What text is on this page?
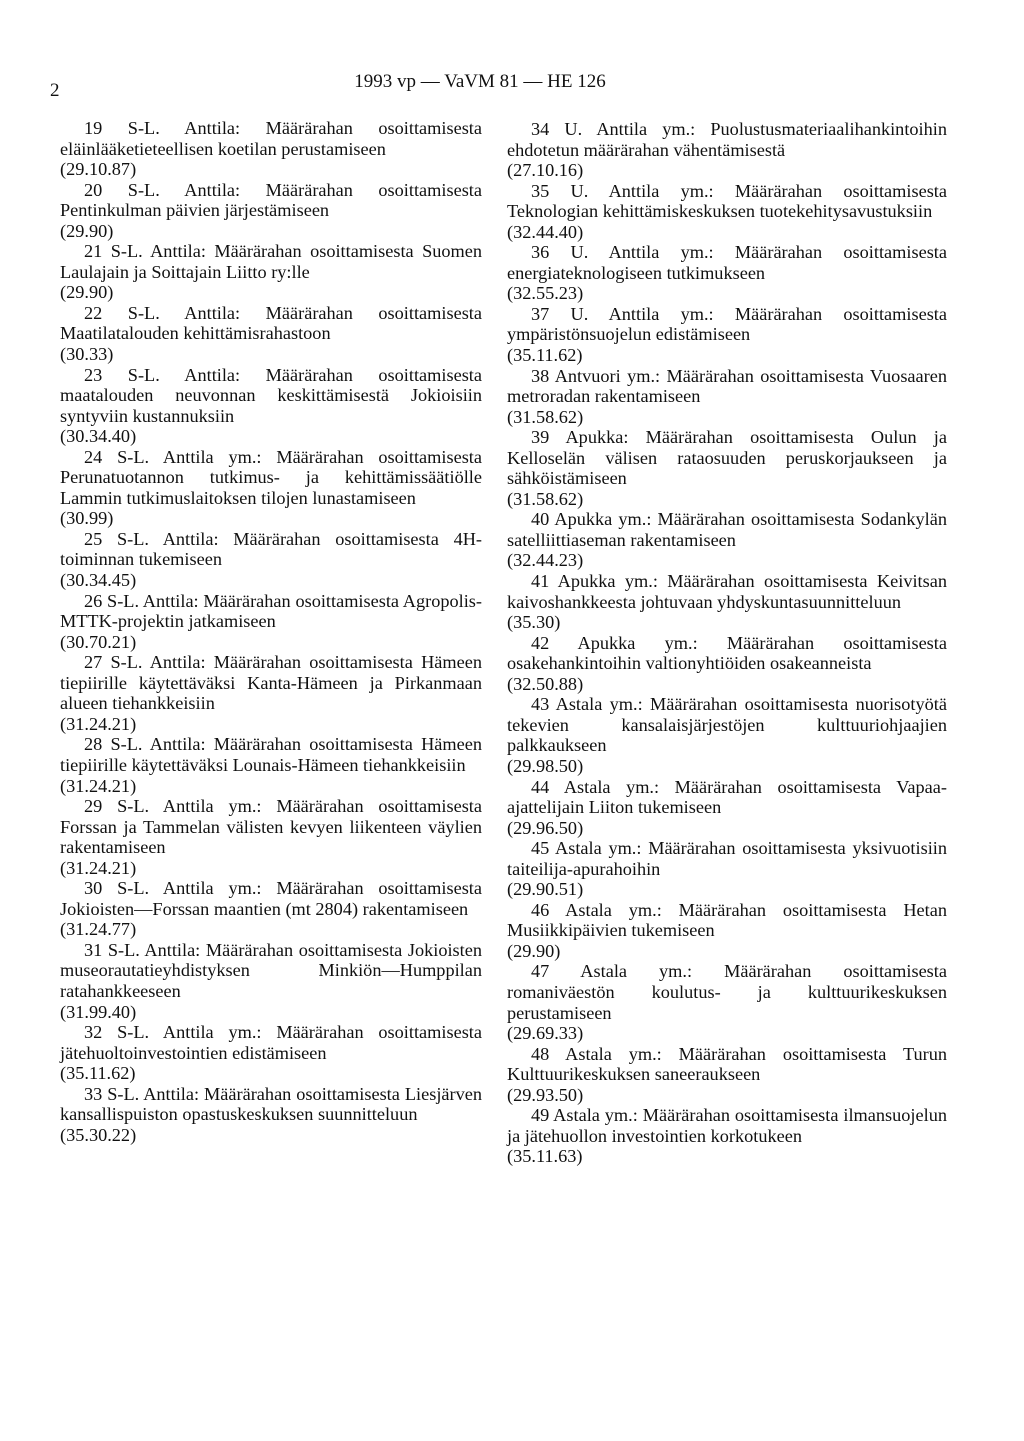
2	1993 vp — VaVM 81 — HE 126
19 S-L. Anttila: Määrärahan osoittamisesta eläinlääketieteellisen koetilan perustamiseen
(29.10.87)
20 S-L. Anttila: Määrärahan osoittamisesta Pentinkulman päivien järjestämiseen
(29.90)
21 S-L. Anttila: Määrärahan osoittamisesta Suomen Laulajain ja Soittajain Liitto ry:lle
(29.90)
22 S-L. Anttila: Määrärahan osoittamisesta Maatilatalouden kehittämisrahastoon
(30.33)
23 S-L. Anttila: Määrärahan osoittamisesta maatalouden neuvonnan keskittämisestä Jokioisiin syntyviin kustannuksiin
(30.34.40)
24 S-L. Anttila ym.: Määrärahan osoittamisesta Perunatuotannon tutkimus- ja kehittämissäätiölle Lammin tutkimuslaitoksen tilojen lunastamiseen
(30.99)
25 S-L. Anttila: Määrärahan osoittamisesta 4H-toiminnan tukemiseen
(30.34.45)
26 S-L. Anttila: Määrärahan osoittamisesta Agropolis-MTTK-projektin jatkamiseen
(30.70.21)
27 S-L. Anttila: Määrärahan osoittamisesta Hämeen tiepiirille käytettäväksi Kanta-Hämeen ja Pirkanmaan alueen tiehankkeisiin
(31.24.21)
28 S-L. Anttila: Määrärahan osoittamisesta Hämeen tiepiirille käytettäväksi Lounais-Hämeen tiehankkeisiin
(31.24.21)
29 S-L. Anttila ym.: Määrärahan osoittamisesta Forssan ja Tammelan välisten kevyen liikenteen väylien rakentamiseen
(31.24.21)
30 S-L. Anttila ym.: Määrärahan osoittamisesta Jokioisten—Forssan maantien (mt 2804) rakentamiseen
(31.24.77)
31 S-L. Anttila: Määrärahan osoittamisesta Jokioisten museorautatieyhdistyksen Minkiön—Humppilan ratahankkeeseen
(31.99.40)
32 S-L. Anttila ym.: Määrärahan osoittamisesta jätehuoltoinvestointien edistämiseen
(35.11.62)
33 S-L. Anttila: Määrärahan osoittamisesta Liesjärven kansallispuiston opastuskeskuksen suunnitteluun
(35.30.22)
34 U. Anttila ym.: Puolustusmateriaalihankintoihin ehdotetun määrärahan vähentämisestä
(27.10.16)
35 U. Anttila ym.: Määrärahan osoittamisesta Teknologian kehittämiskeskuksen tuotekehitysavustuksiin
(32.44.40)
36 U. Anttila ym.: Määrärahan osoittamisesta energiateknologiseen tutkimukseen
(32.55.23)
37 U. Anttila ym.: Määrärahan osoittamisesta ympäristönsuojelun edistämiseen
(35.11.62)
38 Antvuori ym.: Määrärahan osoittamisesta Vuosaaren metroradan rakentamiseen
(31.58.62)
39 Apukka: Määrärahan osoittamisesta Oulun ja Kelloselän välisen rataosuuden peruskorjaukseen ja sähköistämiseen
(31.58.62)
40 Apukka ym.: Määrärahan osoittamisesta Sodankylän satelliittiaseman rakentamiseen
(32.44.23)
41 Apukka ym.: Määrärahan osoittamisesta Keivitsan kaivoshankkeesta johtuvaan yhdyskuntasuunnitteluun
(35.30)
42 Apukka ym.: Määrärahan osoittamisesta osakehankintoihin valtionyhtiöiden osakeanneista
(32.50.88)
43 Astala ym.: Määrärahan osoittamisesta nuorisotyötä tekevien kansalaisjärjestöjen kulttuuriohjaajien palkkaukseen
(29.98.50)
44 Astala ym.: Määrärahan osoittamisesta Vapaa-ajattelijain Liiton tukemiseen
(29.96.50)
45 Astala ym.: Määrärahan osoittamisesta yksivuotisiin taiteilija-apurahoihin
(29.90.51)
46 Astala ym.: Määrärahan osoittamisesta Hetan Musiikkipäivien tukemiseen
(29.90)
47 Astala ym.: Määrärahan osoittamisesta romaniväestön koulutus- ja kulttuurikeskuksen perustamiseen
(29.69.33)
48 Astala ym.: Määrärahan osoittamisesta Turun Kulttuurikeskuksen saneeraukseen
(29.93.50)
49 Astala ym.: Määrärahan osoittamisesta ilmansuojelun ja jätehuollon investointien korkotukeen
(35.11.63)
